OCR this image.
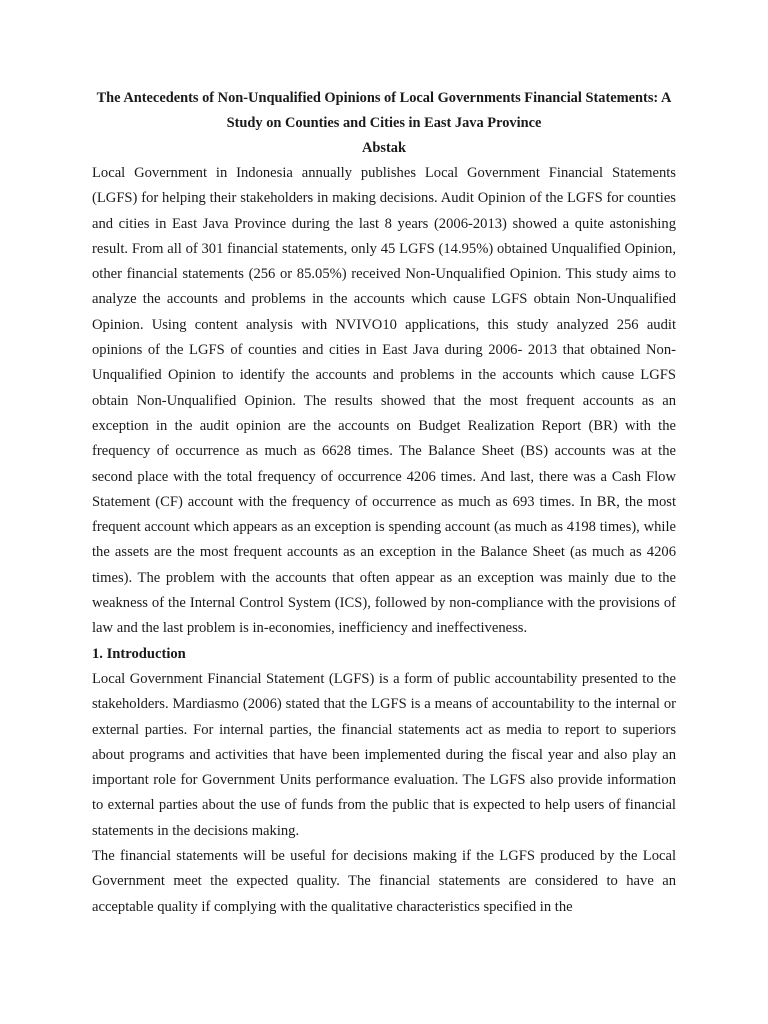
The Antecedents of Non-Unqualified Opinions of Local Governments Financial Statements: A Study on Counties and Cities in East Java Province

Abstak

Local Government in Indonesia annually publishes Local Government Financial Statements (LGFS) for helping their stakeholders in making decisions. Audit Opinion of the LGFS for counties and cities in East Java Province during the last 8 years (2006-2013) showed a quite astonishing result. From all of 301 financial statements, only 45 LGFS (14.95%) obtained Unqualified Opinion, other financial statements (256 or 85.05%) received Non-Unqualified Opinion. This study aims to analyze the accounts and problems in the accounts which cause LGFS obtain Non-Unqualified Opinion. Using content analysis with NVIVO10 applications, this study analyzed 256 audit opinions of the LGFS of counties and cities in East Java during 2006- 2013 that obtained Non-Unqualified Opinion to identify the accounts and problems in the accounts which cause LGFS obtain Non-Unqualified Opinion. The results showed that the most frequent accounts as an exception in the audit opinion are the accounts on Budget Realization Report (BR) with the frequency of occurrence as much as 6628 times. The Balance Sheet (BS) accounts was at the second place with the total frequency of occurrence 4206 times. And last, there was a Cash Flow Statement (CF) account with the frequency of occurrence as much as 693 times. In BR, the most frequent account which appears as an exception is spending account (as much as 4198 times), while the assets are the most frequent accounts as an exception in the Balance Sheet (as much as 4206 times). The problem with the accounts that often appear as an exception was mainly due to the weakness of the Internal Control System (ICS), followed by non-compliance with the provisions of law and the last problem is in-economies, inefficiency and ineffectiveness.

1. Introduction

Local Government Financial Statement (LGFS) is a form of public accountability presented to the stakeholders. Mardiasmo (2006) stated that the LGFS is a means of accountability to the internal or external parties. For internal parties, the financial statements act as media to report to superiors about programs and activities that have been implemented during the fiscal year and also play an important role for Government Units performance evaluation. The LGFS also provide information to external parties about the use of funds from the public that is expected to help users of financial statements in the decisions making.

The financial statements will be useful for decisions making if the LGFS produced by the Local Government meet the expected quality. The financial statements are considered to have an acceptable quality if complying with the qualitative characteristics specified in the
